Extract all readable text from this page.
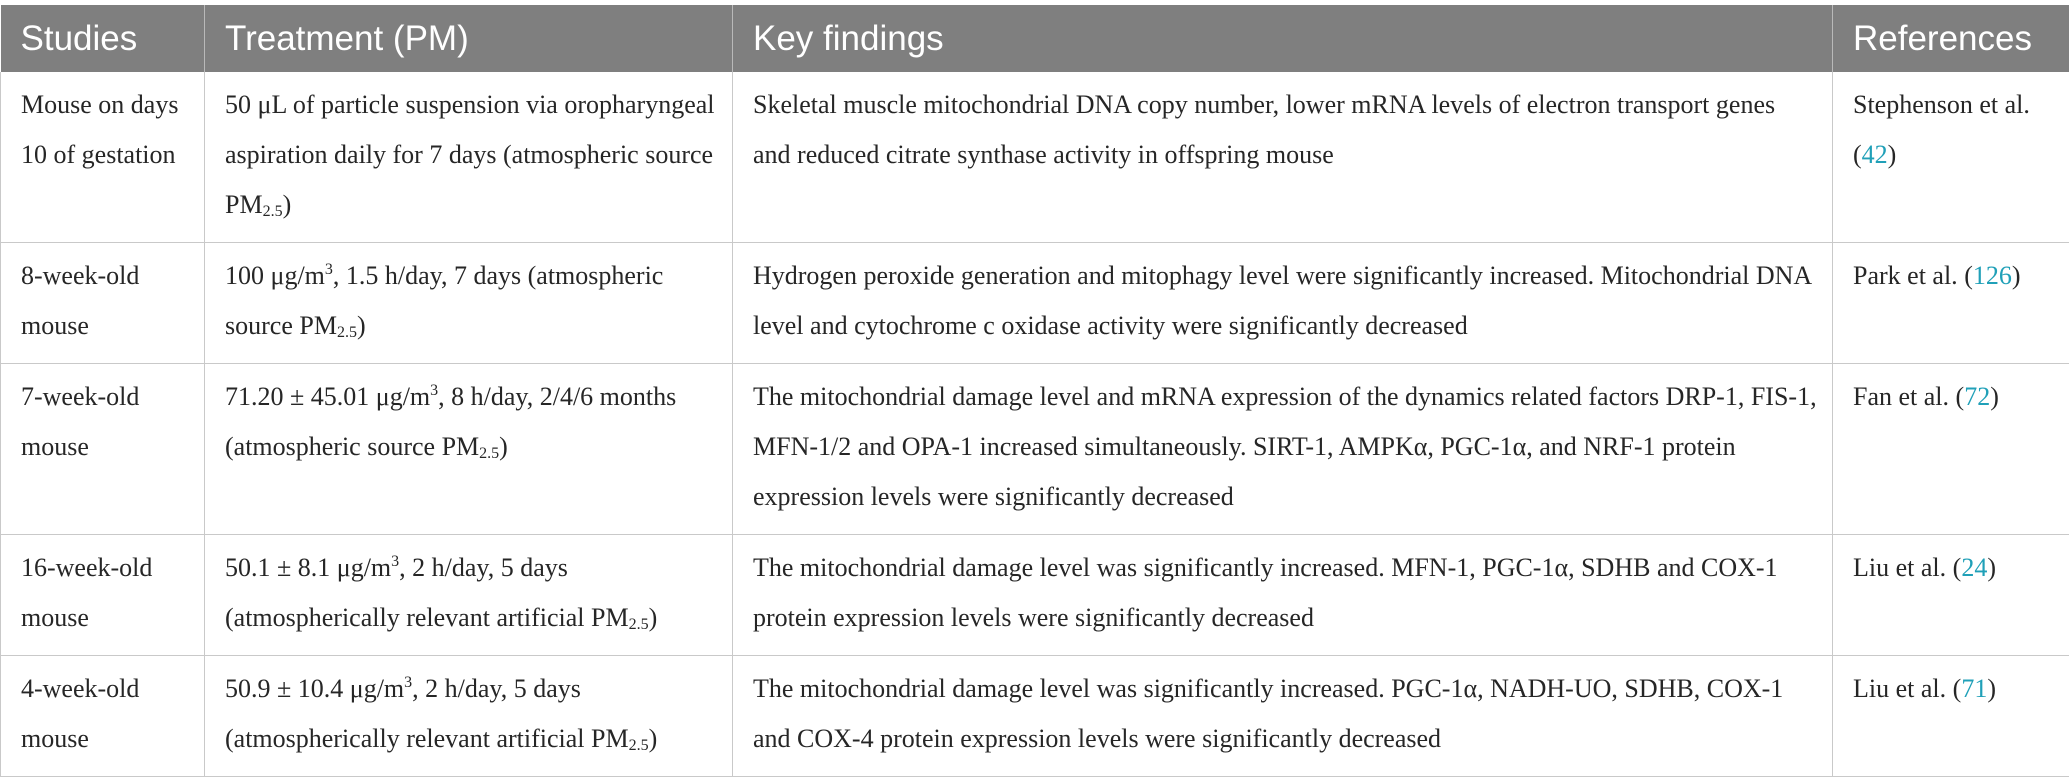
Studies	Treatment (PM)	Key findings	References
Mouse on days 10 of gestation	50 μL of particle suspension via oropharyngeal aspiration daily for 7 days (atmospheric source $PM_{2.5}$)	Skeletal muscle mitochondrial DNA copy number, lower mRNA levels of electron transport genes and reduced citrate synthase activity in offspring mouse	Stephenson et al. (42)
8-week-old mouse	100 $\mu g/m^3$, 1.5 h/day, 7 days (atmospheric source $PM_{2.5}$)	Hydrogen peroxide generation and mitophagy level were significantly increased. Mitochondrial DNA level and cytochrome c oxidase activity were significantly decreased	Park et al. (126)
7-week-old mouse	71.20 ± 45.01 $\mu g/m^3$, 8 h/day, 2/4/6 months (atmospheric source $PM_{2.5}$)	The mitochondrial damage level and mRNA expression of the dynamics related factors DRP-1, FIS-1, MFN-1/2 and OPA-1 increased simultaneously. SIRT-1, AMPKα, PGC-1α, and NRF-1 protein expression levels were significantly decreased	Fan et al. (72)
16-week-old mouse	50.1 ± 8.1 $\mu g/m^3$, 2 h/day, 5 days (atmospherically relevant artificial $PM_{2.5}$)	The mitochondrial damage level was significantly increased. MFN-1, PGC-1α, SDHB and COX-1 protein expression levels were significantly decreased	Liu et al. (24)
4-week-old mouse	50.9 ± 10.4 $\mu g/m^3$, 2 h/day, 5 days (atmospherically relevant artificial $PM_{2.5}$)	The mitochondrial damage level was significantly increased. PGC-1α, NADH-UO, SDHB, COX-1 and COX-4 protein expression levels were significantly decreased	Liu et al. (71)
